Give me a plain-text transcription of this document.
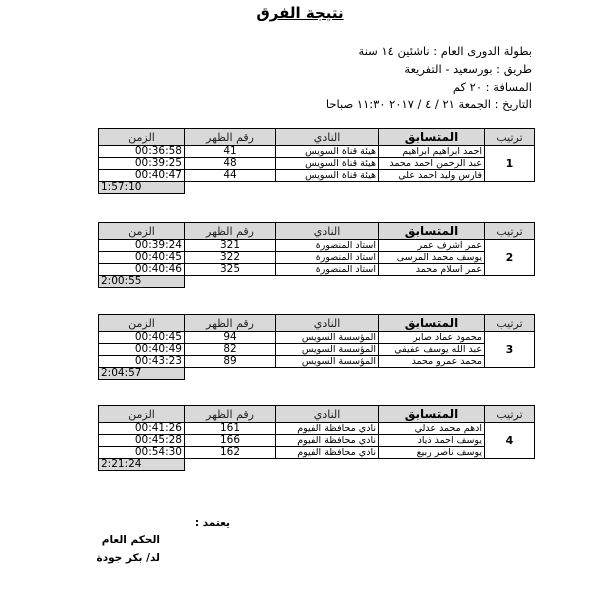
نتيجة الفرق
بطولة الدورى العام : ناشئين ١٤ سنة
طريق : بورسعيد - التفريعة
المسافة : ٢٠ كم
التاريخ : الجمعة ٢١ / ٤ / ٢٠١٧ ١١:٣٠ صباحا
الزمن	رقم الظهر	النادي	المتسابق	ترتيب
00:36:58	41	هيئة قناة السويس	احمد ابراهيم ابراهيم	1
00:39:25	48	هيئة قناة السويس	عبد الرحمن احمد محمد	
00:40:47	44	هيئة قناة السويس	فارس وليد احمد علي	
1:57:10				
الزمن	رقم الظهر	النادي	المتسابق	ترتيب
00:39:24	321	استاد المنصورة	عمر اشرف عمر	2
00:40:45	322	استاد المنصورة	يوسف محمد المرسى	
00:40:46	325	استاد المنصورة	عمر اسلام محمد	
2:00:55				
الزمن	رقم الظهر	النادي	المتسابق	ترتيب
00:40:45	94	المؤسسة السويس	محمود عماد صابر	3
00:40:49	82	المؤسسة السويس	عبد الله يوسف عفيفي	
00:43:23	89	المؤسسة السويس	محمد عمرو محمد	
2:04:57				
الزمن	رقم الظهر	النادي	المتسابق	ترتيب
00:41:26	161	نادي محافظة الفيوم	ادهم محمد عدلي	4
00:45:28	166	نادي محافظة الفيوم	يوسف احمد ذياد	
00:54:30	162	نادي محافظة الفيوم	يوسف ناصر ربيع	
2:21:24				
يعتمد :
الحكم العام
لد/ بكر جودة
